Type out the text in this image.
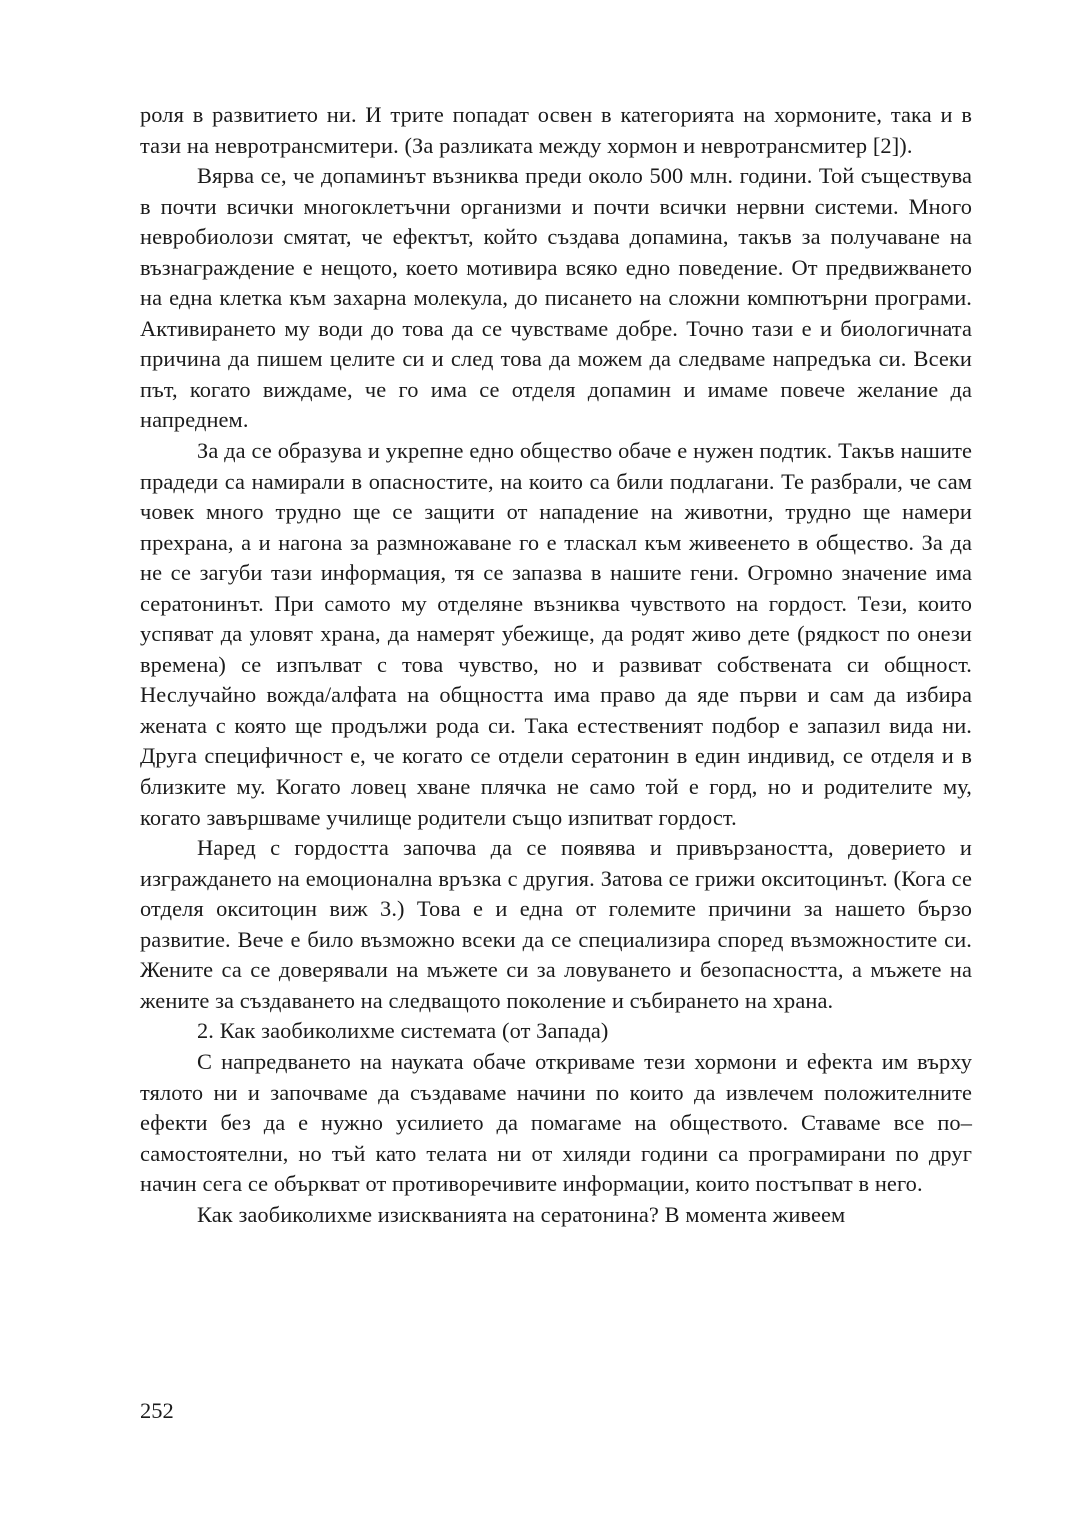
роля в развитието ни. И трите попадат освен в категорията на хормоните, така и в тази на невротрансмитери. (За разликата между хормон и невротрансмитер [2]).

Вярва се, че допаминът възниква преди около 500 млн. години. Той съществува в почти всички многоклетъчни организми и почти всички нервни системи. Много невробиолози смятат, че ефектът, който създава допамина, такъв за получаване на възнаграждение е нещото, което мотивира всяко едно поведение. От предвижването на една клетка към захарна молекула, до писането на сложни компютърни програми. Активирането му води до това да се чувстваме добре. Точно тази е и биологичната причина да пишем целите си и след това да можем да следваме напредъка си. Всеки път, когато виждаме, че го има се отделя допамин и имаме повече желание да напреднем.

За да се образува и укрепне едно общество обаче е нужен подтик. Такъв нашите прадеди са намирали в опасностите, на които са били подлагани. Те разбрали, че сам човек много трудно ще се защити от нападение на животни, трудно ще намери прехрана, а и нагона за размножаване го е тласкал към живеенето в общество. За да не се загуби тази информация, тя се запазва в нашите гени. Огромно значение има сератонинът. При самото му отделяне възниква чувството на гордост. Тези, които успяват да уловят храна, да намерят убежище, да родят живо дете (рядкост по онези времена) се изпълват с това чувство, но и развиват собствената си общност. Неслучайно вожда/алфата на общността има право да яде първи и сам да избира жената с която ще продължи рода си. Така естественият подбор е запазил вида ни. Друга специфичност е, че когато се отдели сератонин в един индивид, се отделя и в близките му. Когато ловец хване плячка не само той е горд, но и родителите му, когато завършваме училище родители също изпитват гордост.

Наред с гордостта започва да се появява и привързаността, доверието и изграждането на емоционална връзка с другия. Затова се грижи окситоцинът. (Кога се отделя окситоцин виж 3.) Това е и една от големите причини за нашето бързо развитие. Вече е било възможно всеки да се специализира според възможностите си. Жените са се доверявали на мъжете си за ловуването и безопасността, а мъжете на жените за създаването на следващото поколение и събирането на храна.

2. Как заобиколихме системата (от Запада)

С напредването на науката обаче откриваме тези хормони и ефекта им върху тялото ни и започваме да създаваме начини по които да извлечем положителните ефекти без да е нужно усилието да помагаме на обществото. Ставаме все по–самостоятелни, но тъй като телата ни от хиляди години са програмирани по друг начин сега се объркват от противоречивите информации, които постъпват в него.

Как заобиколихме изискванията на сератонина? В момента живеем

252
